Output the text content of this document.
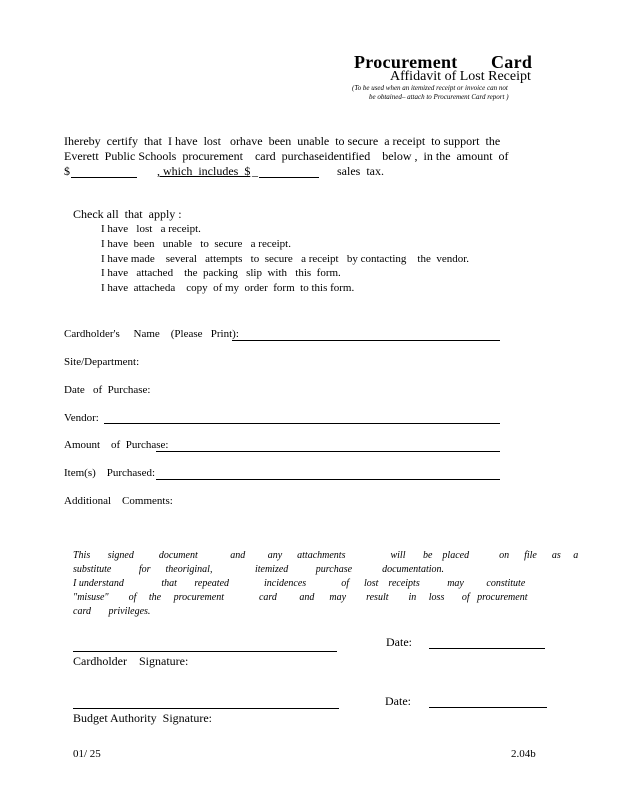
Procurement Card
Affidavit of Lost Receipt
(To be used when an itemized receipt or invoice can not
be obtained– attach to Procurement Card report )
Ihereby  certify  that  I have  lost   orhave  been  unable  to secure  a receipt  to support  the
Everett  Public Schools  procurement    card  purchaseidentified    below ,  in the  amount  of
$	, which  includes  $ _	sales  tax.
Check all  that  apply :
I have   lost   a receipt.
I have  been   unable   to  secure   a receipt.
I have made    several   attempts   to  secure   a receipt   by contacting    the  vendor.
I have   attached    the  packing   slip  with   this  form.
I have  attacheda    copy  of my  order  form  to this form.
Cardholder's     Name    (Please   Print):
Site/Department:
Date   of  Purchase:
Vendor:
Amount    of  Purchase:
Item(s)    Purchased:
Additional    Comments:
This       signed          document             and         any      attachments                  will       be    placed            on      file      as     a
substitute           for      theoriginal,                 itemized           purchase            documentation.
I understand               that       repeated              incidences              of      lost    receipts           may         constitute
"misuse"        of     the     procurement              card         and      may        result        in     loss       of   procurement
card       privileges.
Date:
Cardholder    Signature:
Date:
Budget Authority  Signature:
01/ 25	2.04b
